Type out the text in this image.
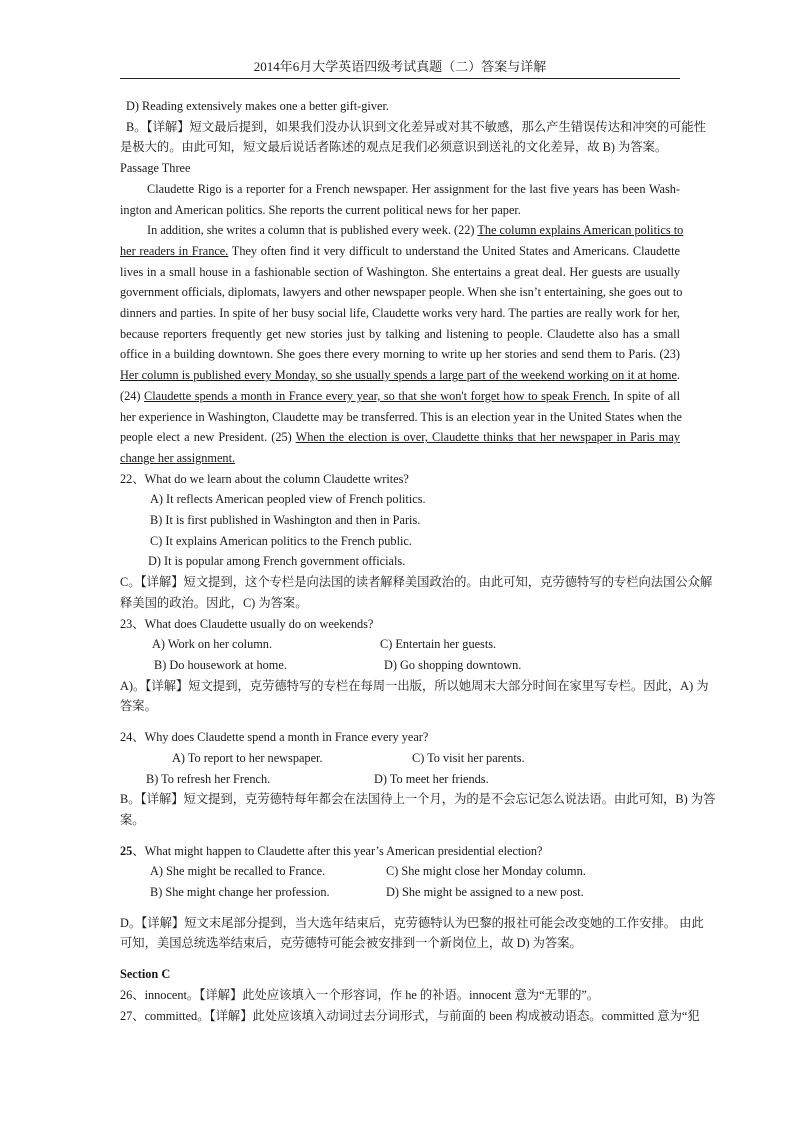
2014年6月大学英语四级考试真题（二）答案与详解
D) Reading extensively makes one a better gift-giver.
B。【详解】短文最后提到，如果我们没办认识到文化差异或对其不敏感，那么产生错误传达和冲突的可能性
是极大的。由此可知，短文最后说话者陈述的观点足我们必须意识到送礼的文化差异，故 B) 为答案。
Passage Three
Claudette Rigo is a reporter for a French newspaper. Her assignment for the last five years has been Wash-
ington and American politics. She reports the current political news for her paper.
In addition, she writes a column that is published every week. (22) The column explains American politics to
her readers in France. They often find it very difficult to understand the United States and Americans. Claudette
lives in a small house in a fashionable section of Washington. She entertains a great deal. Her guests are usually
government officials, diplomats, lawyers and other newspaper people. When she isn’t entertaining, she goes out to
dinners and parties. In spite of her busy social life, Claudette works very hard. The parties are really work for her,
because reporters frequently get new stories just by talking and listening to people. Claudette also has a small
office in a building downtown. She goes there every morning to write up her stories and send them to Paris. (23)
Her column is published every Monday, so she usually spends a large part of the weekend working on it at home.
(24) Claudette spends a month in France every year, so that she won't forget how to speak French. In spite of all
her experience in Washington, Claudette may be transferred. This is an election year in the United States when the
people elect a new President. (25) When the election is over, Claudette thinks that her newspaper in Paris may
change her assignment.
22、What do we learn about the column Claudette writes?
A) It reflects American peopled view of French politics.
B) It is first published in Washington and then in Paris.
C) It explains American politics to the French public.
D) It is popular among French government officials.
C。【详解】短文提到，这个专栏是向法国的读者解释美国政治的。由此可知，克劳德特写的专栏向法国公众解
释美国的政治。因此，C) 为答案。
23、What does Claudette usually do on weekends?
A) Work on her column.	C) Entertain her guests.
B) Do housework at home.	D) Go shopping downtown.
A)。【详解】短文提到，克劳德特写的专栏在每周一出版，所以她周末大部分时间在家里写专栏。因此，A) 为
答案。
24、Why does Claudette spend a month in France every year?
A) To report to her newspaper.	C) To visit her parents.
B) To refresh her French.	D) To meet her friends.
B。【详解】短文提到，克劳德特每年都会在法国待上一个月，为的是不会忘记怎么说法语。由此可知，B) 为答
案。
25、What might happen to Claudette after this year’s American presidential election?
A) She might be recalled to France.	C) She might close her Monday column.
B) She might change her profession.	D) She might be assigned to a new post.
D。【详解】短文末尾部分提到，当大选年结束后，克劳德特认为巴黎的报社可能会改变她的工作安排。 由此
可知，美国总统选举结束后，克劳德特可能会被安排到一个新岗位上，故 D) 为答案。
Section C
26、innocent。【详解】此处应该填入一个形容词，作 he 的补语。innocent 意为“无罪的”。
27、committed。【详解】此处应该填入动词过去分词形式，与前面的 been 构成被动语态。committed 意为“犯
